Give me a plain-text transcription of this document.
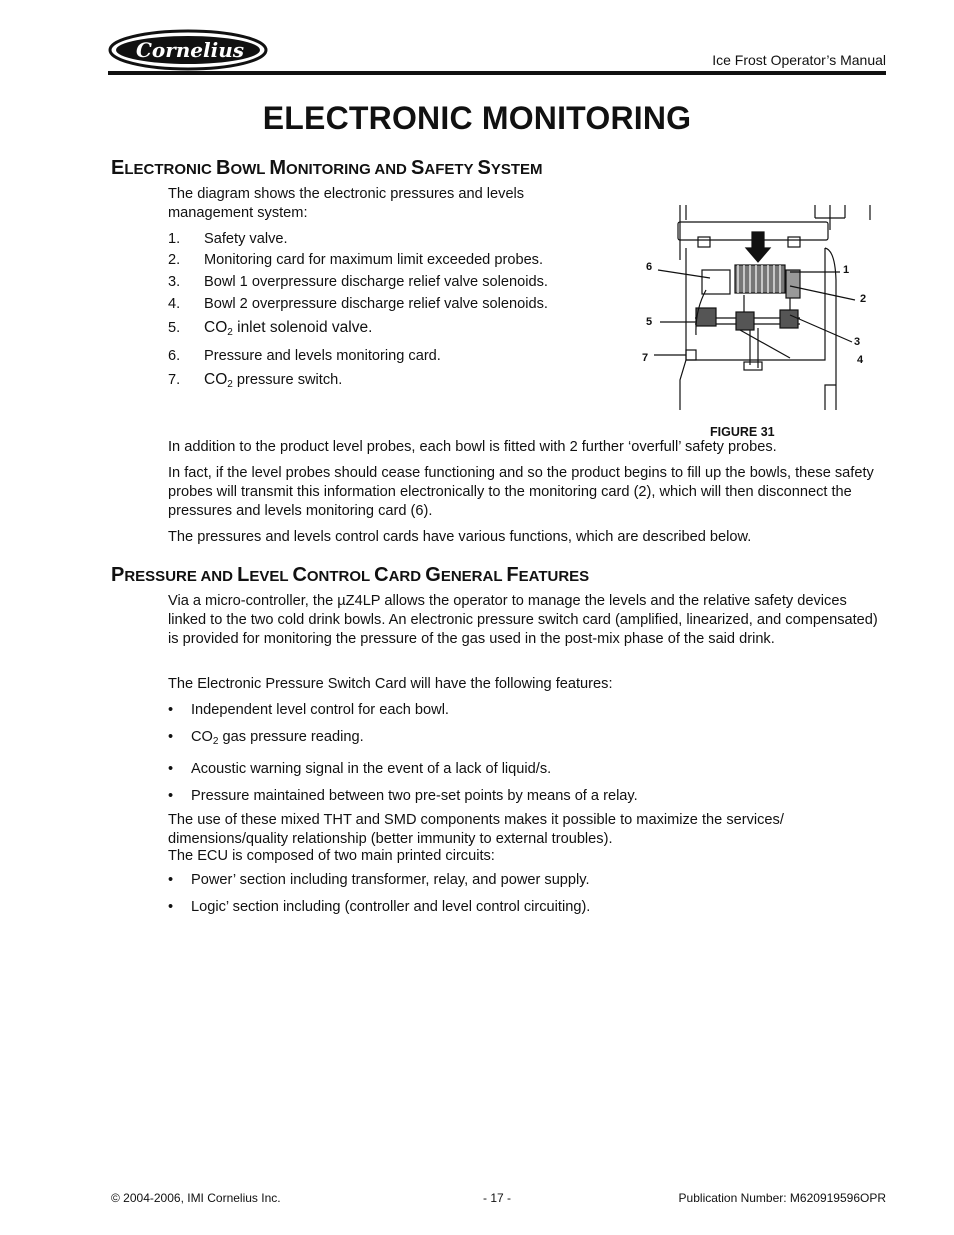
Cornelius	Ice Frost Operator’s Manual
ELECTRONIC MONITORING
ELECTRONIC BOWL MONITORING AND SAFETY SYSTEM
The diagram shows the electronic pressures and levels management system:
1. Safety valve.
2. Monitoring card for maximum limit exceeded probes.
3. Bowl 1 overpressure discharge relief valve solenoids.
4. Bowl 2 overpressure discharge relief valve solenoids.
5. $CO_2$ inlet solenoid valve.
6. Pressure and levels monitoring card.
7. $CO_2$ pressure switch.
6	1
2
5
3
7	4
FIGURE 31
In addition to the product level probes, each bowl is fitted with 2 further ‘overfull’ safety probes.
In fact, if the level probes should cease functioning and so the product begins to fill up the bowls, these safety probes will transmit this information electronically to the monitoring card (2), which will then disconnect the pressures and levels monitoring card (6).
The pressures and levels control cards have various functions, which are described below.
PRESSURE AND LEVEL CONTROL CARD GENERAL FEATURES
Via a micro-controller, the µZ4LP allows the operator to manage the levels and the relative safety devices linked to the two cold drink bowls. An electronic pressure switch card (amplified, linearized, and compensated) is provided for monitoring the pressure of the gas used in the post-mix phase of the said drink.
The Electronic Pressure Switch Card will have the following features:
• Independent level control for each bowl.
• $CO_2$ gas pressure reading.
• Acoustic warning signal in the event of a lack of liquid/s.
• Pressure maintained between two pre-set points by means of a relay.
The use of these mixed THT and SMD components makes it possible to maximize the services/ dimensions/quality relationship (better immunity to external troubles).
The ECU is composed of two main printed circuits:
• Power’ section including transformer, relay, and power supply.
• Logic’ section including (controller and level control circuiting).
© 2004-2006, IMI Cornelius Inc.	- 17 -	Publication Number: M620919596OPR
